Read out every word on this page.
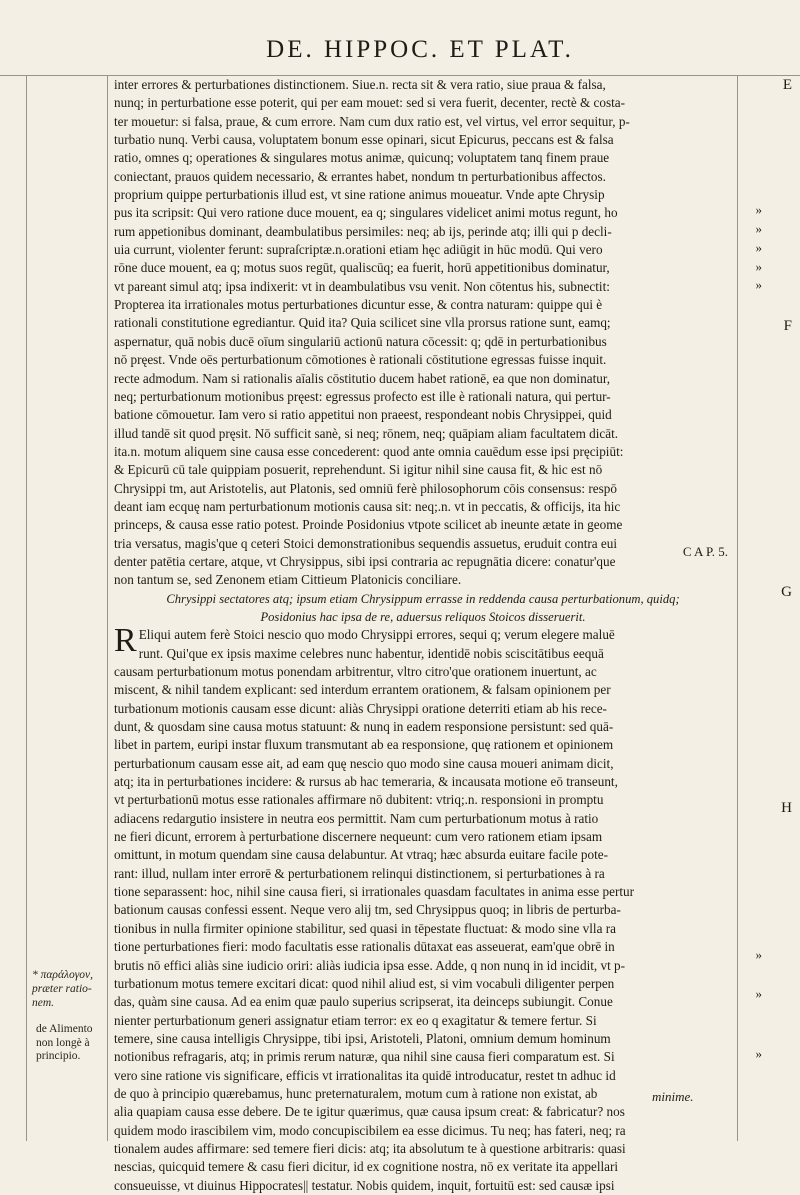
DE. HIPPOC. ET PLAT.
inter errores & perturbationes distinctionem. Siue.n. recta sit & vera ratio, siue praua & falsa,
nunq; in perturbatione esse poterit, qui per eam mouet: sed si vera fuerit, decenter, rectè & costa-
ter mouetur: si falsa, praue, & cum errore. Nam cum dux ratio est, vel virtus, vel error sequitur, p-
turbatio nunq. Verbi causa, voluptatem bonum esse opinari, sicut Epicurus, peccans est & falsa
ratio, omnes q; operationes & singulares motus animæ, quicunq; voluptatem tanq finem praue
coniectant, prauos quidem necessario, & errantes habet, nondum tn perturbationibus affectos.
proprium quippe perturbationis illud est, vt sine ratione animus moueatur. Vnde apte Chrysip
pus ita scripsit: Qui vero ratione duce mouent, ea q; singulares videlicet animi motus regunt, ho
rum appetionibus dominant, deambulatibus persimiles: neq; ab ijs, perinde atq; illi qui p decli-
uia currunt, violenter ferunt: supraſcriptæ.n.orationi etiam hęc adiūgit in hūc modū. Qui vero
rōne duce mouent, ea q; motus suos regūt, qualiscūq; ea fuerit, horū appetitionibus dominatur,
vt pareant simul atq; ipsa indixerit: vt in deambulatibus vsu venit. Non cōtentus his, subnectit:
Propterea ita irrationales motus perturbationes dicuntur esse, & contra naturam: quippe qui è
rationali constitutione egrediantur. Quid ita? Quia scilicet sine vlla prorsus ratione sunt, eamq;
aspernatur, quā nobis ducē oīum singulariū actionū natura cōcessit: q; qdē in perturbationibus
nō pręest. Vnde oēs perturbationum cōmotiones è rationali cōstitutione egressas fuisse inquit.
recte admodum. Nam si rationalis aīalis cōstitutio ducem habet rationē, ea que non dominatur,
neq; perturbationum motionibus pręest: egressus profecto est ille è rationali natura, qui pertur-
batione cōmouetur. Iam vero si ratio appetitui non praeest, respondeant nobis Chrysippei, quid
illud tandē sit quod pręsit. Nō sufficit sanè, si neq; rōnem, neq; quāpiam aliam facultatem dicāt.
ita.n. motum aliquem sine causa esse concederent: quod ante omnia cauēdum esse ipsi pręcipiūt:
& Epicurū cū tale quippiam posuerit, reprehendunt. Si igitur nihil sine causa fit, & hic est nō
Chrysippi tm, aut Aristotelis, aut Platonis, sed omniū ferè philosophorum cōis consensus: respō
deant iam ecquę nam perturbationum motionis causa sit: neq;.n. vt in peccatis, & officijs, ita hic
princeps, & causa esse ratio potest. Proinde Posidonius vtpote scilicet ab ineunte ætate in geome
tria versatus, magis'que q ceteri Stoici demonstrationibus sequendis assuetus, eruduit contra eui
denter patētia certare, atque, vt Chrysippus, sibi ipsi contraria ac repugnātia dicere: conatur'que
non tantum se, sed Zenonem etiam Cittieum Platonicis conciliare.
Chrysippi sectatores atq; ipsum etiam Chrysippum errasse in reddenda causa perturbationum, quidq;
Posidonius hac ipsa de re, aduersus reliquos Stoicos disseruerit.
R Eliqui autem ferè Stoici nescio quo modo Chrysippi errores, sequi q; verum elegere maluē
runt. Qui'que ex ipsis maxime celebres nunc habentur, identidē nobis sciscitātibus eequā
causam perturbationum motus ponendam arbitrentur, vltro citro'que orationem inuertunt, ac
miscent, & nihil tandem explicant: sed interdum errantem orationem, & falsam opinionem per
turbationum motionis causam esse dicunt: aliàs Chrysippi oratione deterriti etiam ab his rece-
dunt, & quosdam sine causa motus statuunt: & nunq in eadem responsione persistunt: sed quā-
libet in partem, euripi instar fluxum transmutant ab ea responsione, quę rationem et opinionem
perturbationum causam esse ait, ad eam quę nescio quo modo sine causa moueri animam dicit,
atq; ita in perturbationes incidere: & rursus ab hac temeraria, & incausata motione eō transeunt,
vt perturbationū motus esse rationales affirmare nō dubitent: vtriq;.n. responsioni in promptu
adiacens redargutio insistere in neutra eos permittit. Nam cum perturbationum motus à ratio
ne fieri dicunt, errorem à perturbatione discernere nequeunt: cum vero rationem etiam ipsam
omittunt, in motum quendam sine causa delabuntur. At vtraq; hæc absurda euitare facile pote-
rant: illud, nullam inter errorē & perturbationem relinqui distinctionem, si perturbationes à ra
tione separassent: hoc, nihil sine causa fieri, si irrationales quasdam facultates in anima esse pertur
bationum causas confessi essent. Neque vero alij tm, sed Chrysippus quoq; in libris de perturba-
tionibus in nulla firmiter opinione stabilitur, sed quasi in tēpestate fluctuat: & modo sine vlla ra
tione perturbationes fieri: modo facultatis esse rationalis dūtaxat eas asseuerat, eam'que obrē in
brutis nō effici aliàs sine iudicio oriri: aliàs iudicia ipsa esse. Adde, q non nunq in id incidit, vt p-
turbationum motus temere excitari dicat: quod nihil aliud est, si vim vocabuli diligenter perpen
das, quàm sine causa. Ad ea enim quæ paulo superius scripserat, ita deinceps subiungit. Conue
nienter perturbationum generi assignatur etiam terror: ex eo q exagitatur & temere fertur. Si
temere, sine causa intelligis Chrysippe, tibi ipsi, Aristoteli, Platoni, omnium demum hominum
notionibus refragaris, atq; in primis rerum naturæ, qua nihil sine causa fieri comparatum est. Si
vero sine ratione vis significare, efficis vt irrationalitas ita quidē introducatur, restet tn adhuc id
de quo à principio quærebamus, hunc preternaturalem, motum cum à ratione non existat, ab
alia quapiam causa esse debere. De te igitur quærimus, quæ causa ipsum creat: & fabricatur? nos
quidem modo irascibilem vim, modo concupiscibilem ea esse dicimus. Tu neq; has fateri, neq; ra
tionalem audes affirmare: sed temere fieri dicis: atq; ita absolutum te à questione arbitraris: quasi
nescias, quicquid temere & casu fieri dicitur, id ex cognitione nostra, nō ex veritate ita appellari
consueuisse, vt diuinus Hippocrates|| testatur. Nobis quidem, inquit, fortuitū est: sed causæ ipsi
E
F
G
H
C A P. 5.
»
»
»
»
»
»
»
»
* παράλογον,
præter ratio-
nem.
de Alimento
non longè à
principio.
minime.
